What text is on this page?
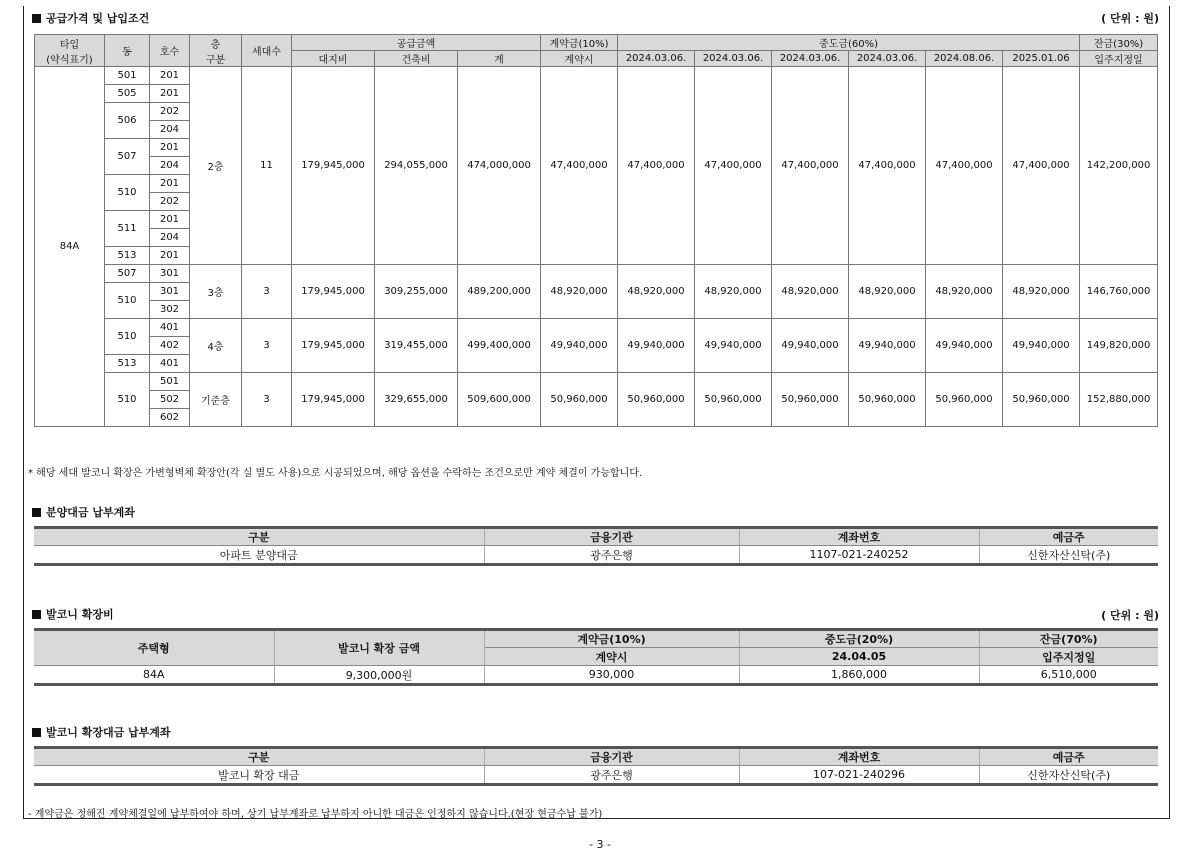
공급가격 및 납입조건	( 단위 : 원)
타입
(약식표기)	동	호수	층
구분	세대수	공급금액			계약금(10%)	중도금(60%)						잔금(30%)
					대지비	건축비	계	계약시	2024.03.06.	2024.03.06.	2024.03.06.	2024.03.06.	2024.08.06.	2025.01.06	입주지정일
84A	501	201	2층	11	179,945,000	294,055,000	474,000,000	47,400,000	47,400,000	47,400,000	47,400,000	47,400,000	47,400,000	47,400,000	142,200,000
	505	201													
	506	202													
		204													
	507	201													
		204													
	510	201													
		202													
	511	201													
		204													
	513	201													
	507	301	3층	3	179,945,000	309,255,000	489,200,000	48,920,000	48,920,000	48,920,000	48,920,000	48,920,000	48,920,000	48,920,000	146,760,000
	510	301													
		302													
	510	401	4층	3	179,945,000	319,455,000	499,400,000	49,940,000	49,940,000	49,940,000	49,940,000	49,940,000	49,940,000	49,940,000	149,820,000
		402													
	513	401													
	510	501	기준층	3	179,945,000	329,655,000	509,600,000	50,960,000	50,960,000	50,960,000	50,960,000	50,960,000	50,960,000	50,960,000	152,880,000
		502													
		602													
* 해당 세대 발코니 확장은 가변형벽체 확장안(각 실 별도 사용)으로 시공되었으며, 해당 옵션을 수락하는 조건으로만 계약 체결이 가능합니다.
분양대금 납부계좌
구분	금융기관	계좌번호	예금주
아파트 분양대금	광주은행	1107-021-240252	신한자산신탁(주)
발코니 확장비	( 단위 : 원)
주택형	발코니 확장 금액	계약금(10%)	중도금(20%)	잔금(70%)
		계약시	24.04.05	입주지정일
84A	9,300,000원	930,000	1,860,000	6,510,000
발코니 확장대금 납부계좌
구분	금융기관	계좌번호	예금주
발코니 확장 대금	광주은행	107-021-240296	신한자산신탁(주)
- 계약금은 정해진 계약체결일에 납부하여야 하며, 상기 납부계좌로 납부하지 아니한 대금은 인정하지 않습니다.(현장 현금수납 불가)
- 3 -
